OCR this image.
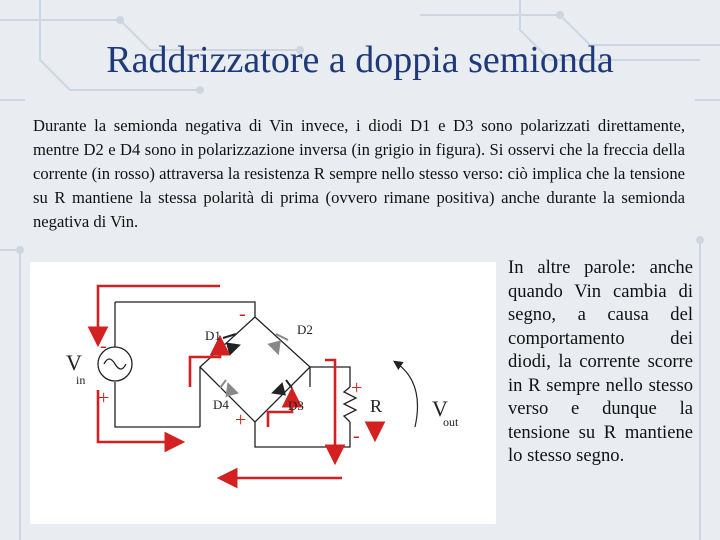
Raddrizzatore a doppia semionda

Durante la semionda negativa di Vin invece, i diodi D1 e D3 sono polarizzati direttamente, mentre D2 e D4 sono in polarizzazione inversa (in grigio in figura). Si osservi che la freccia della corrente (in rosso) attraversa la resistenza R sempre nello stesso verso: ciò implica che la tensione su R mantiene la stessa polarità di prima (ovvero rimane positiva) anche durante la semionda negativa di Vin.

D1	D2
D4	D3	R
V
in
V
out
-
+
-
+
+
-

In altre parole: anche quando Vin cambia di segno, a causa del comportamento dei diodi, la corrente scorre in R sempre nello stesso verso e dunque la tensione su R mantiene lo stesso segno.
